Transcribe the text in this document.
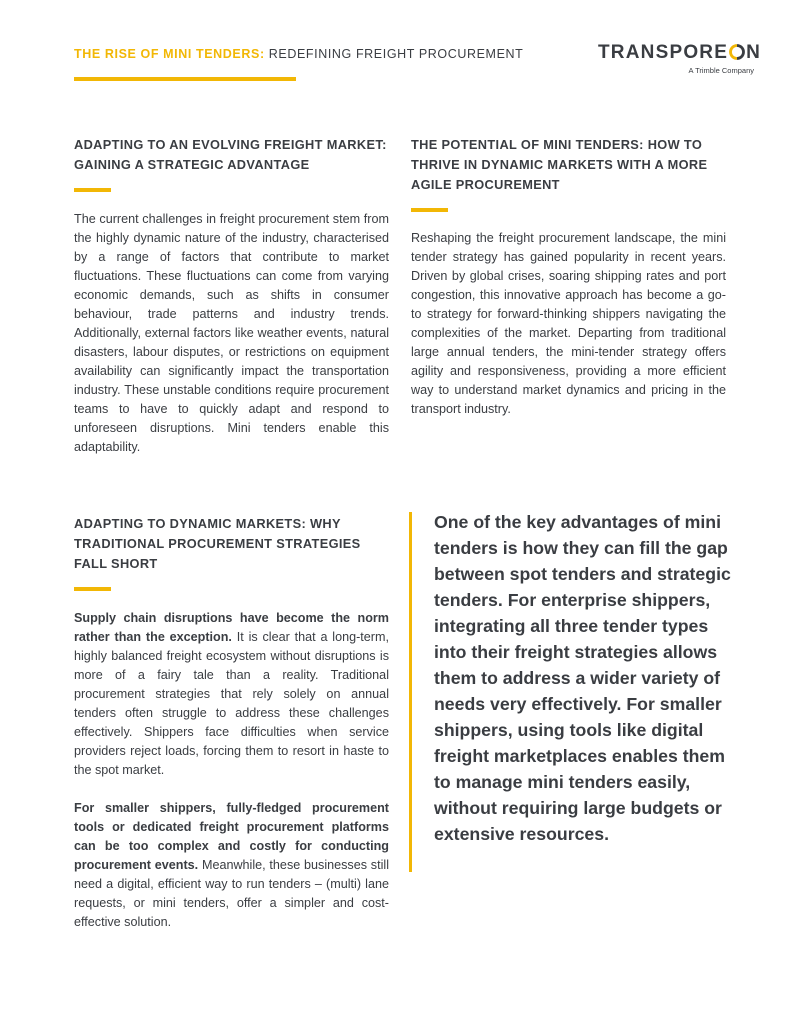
THE RISE OF MINI TENDERS: REDEFINING FREIGHT PROCUREMENT	TRANSPORE N
A Trimble Company
ADAPTING TO AN EVOLVING FREIGHT MARKET: GAINING A STRATEGIC ADVANTAGE

The current challenges in freight procurement stem from the highly dynamic nature of the industry, characterised by a range of factors that contribute to market fluctuations. These fluctuations can come from varying economic demands, such as shifts in consumer behaviour, trade patterns and industry trends. Additionally, external factors like weather events, natural disasters, labour disputes, or restrictions on equipment availability can significantly impact the transportation industry. These unstable conditions require procurement teams to have to quickly adapt and respond to unforeseen disruptions. Mini tenders enable this adaptability.

THE POTENTIAL OF MINI TENDERS: HOW TO THRIVE IN DYNAMIC MARKETS WITH A MORE AGILE PROCUREMENT

Reshaping the freight procurement landscape, the mini tender strategy has gained popularity in recent years. Driven by global crises, soaring shipping rates and port congestion, this innovative approach has become a go-to strategy for forward-thinking shippers navigating the complexities of the market. Departing from traditional large annual tenders, the mini-tender strategy offers agility and responsiveness, providing a more efficient way to understand market dynamics and pricing in the transport industry.

ADAPTING TO DYNAMIC MARKETS: WHY TRADITIONAL PROCUREMENT STRATEGIES FALL SHORT

Supply chain disruptions have become the norm rather than the exception. It is clear that a long-term, highly balanced freight ecosystem without disruptions is more of a fairy tale than a reality. Traditional procurement strategies that rely solely on annual tenders often struggle to address these challenges effectively. Shippers face difficulties when service providers reject loads, forcing them to resort in haste to the spot market.

For smaller shippers, fully-fledged procurement tools or dedicated freight procurement platforms can be too complex and costly for conducting procurement events. Meanwhile, these businesses still need a digital, efficient way to run tenders – (multi) lane requests, or mini tenders, offer a simpler and cost-effective solution.

One of the key advantages of mini tenders is how they can fill the gap between spot tenders and strategic tenders. For enterprise shippers, integrating all three tender types into their freight strategies allows them to address a wider variety of needs very effectively. For smaller shippers, using tools like digital freight marketplaces enables them to manage mini tenders easily, without requiring large budgets or extensive resources.
